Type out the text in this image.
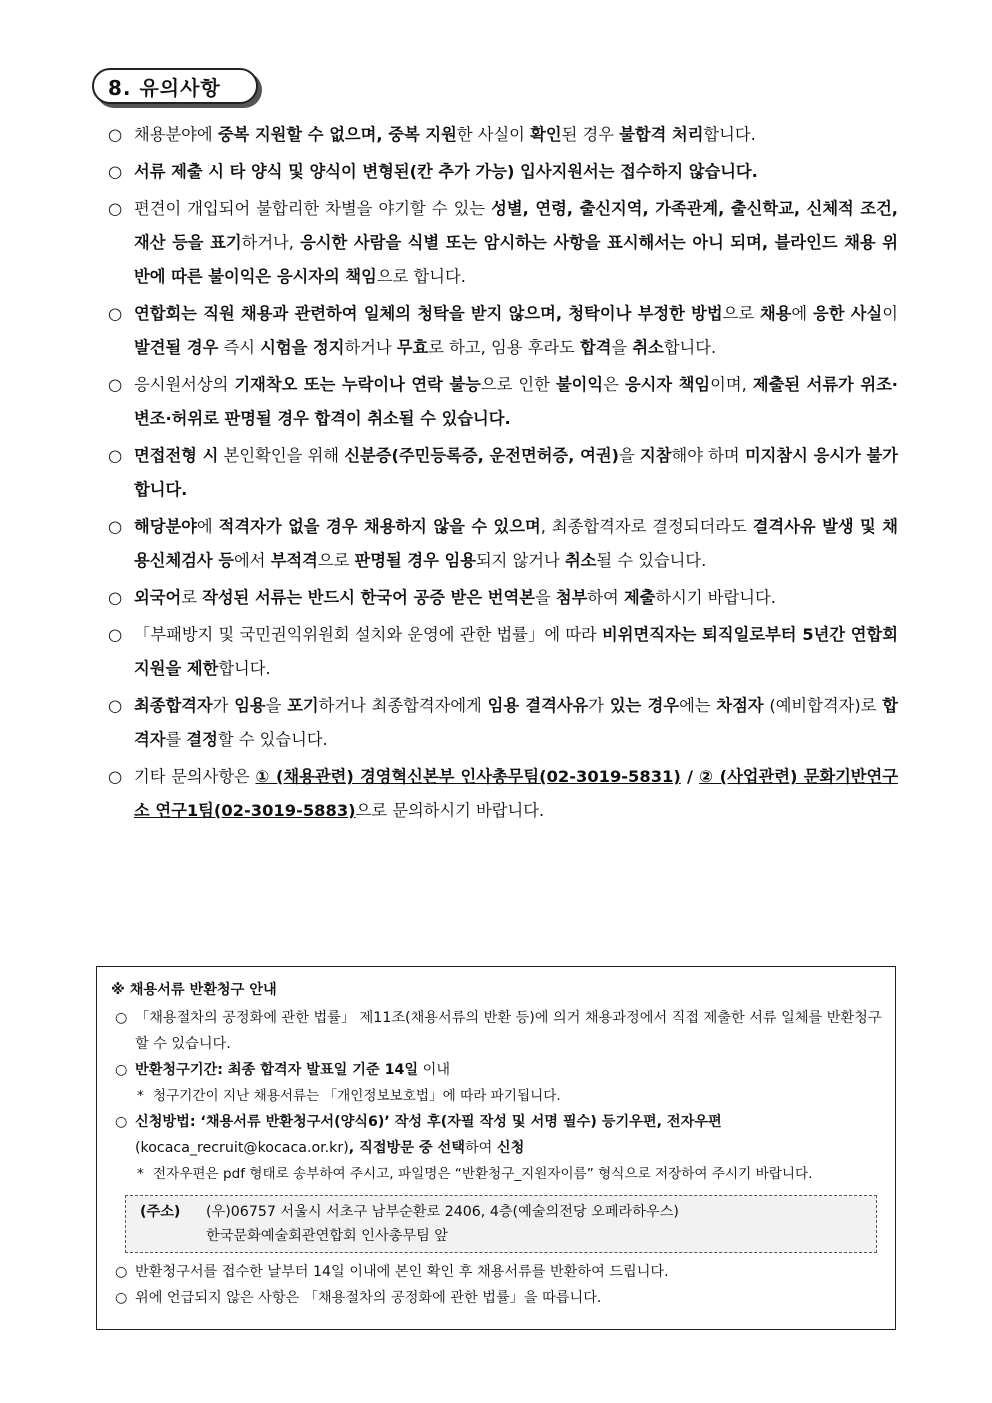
8. 유의사항

○ 채용분야에 중복 지원할 수 없으며, 중복 지원한 사실이 확인된 경우 불합격 처리합니다.

○ 서류 제출 시 타 양식 및 양식이 변형된(칸 추가 가능) 입사지원서는 접수하지 않습니다.

○ 편견이 개입되어 불합리한 차별을 야기할 수 있는 성별, 연령, 출신지역, 가족관계, 출신학교, 신체적 조건, 재산 등을 표기하거나, 응시한 사람을 식별 또는 암시하는 사항을 표시해서는 아니 되며, 블라인드 채용 위반에 따른 불이익은 응시자의 책임으로 합니다.

○ 연합회는 직원 채용과 관련하여 일체의 청탁을 받지 않으며, 청탁이나 부정한 방법으로 채용에 응한 사실이 발견될 경우 즉시 시험을 정지하거나 무효로 하고, 임용 후라도 합격을 취소합니다.

○ 응시원서상의 기재착오 또는 누락이나 연락 불능으로 인한 불이익은 응시자 책임이며, 제출된 서류가 위조·변조·허위로 판명될 경우 합격이 취소될 수 있습니다.

○ 면접전형 시 본인확인을 위해 신분증(주민등록증, 운전면허증, 여권)을 지참해야 하며 미지참시 응시가 불가합니다.

○ 해당분야에 적격자가 없을 경우 채용하지 않을 수 있으며, 최종합격자로 결정되더라도 결격사유 발생 및 채용신체검사 등에서 부적격으로 판명될 경우 임용되지 않거나 취소될 수 있습니다.

○ 외국어로 작성된 서류는 반드시 한국어 공증 받은 번역본을 첨부하여 제출하시기 바랍니다.

○ 「부패방지 및 국민권익위원회 설치와 운영에 관한 법률」에 따라 비위면직자는 퇴직일로부터 5년간 연합회 지원을 제한합니다.

○ 최종합격자가 임용을 포기하거나 최종합격자에게 임용 결격사유가 있는 경우에는 차점자 (예비합격자)로 합격자를 결정할 수 있습니다.

○ 기타 문의사항은 ① (채용관련) 경영혁신본부 인사총무팀(02-3019-5831) / ② (사업관련) 문화기반연구소 연구1팀(02-3019-5883)으로 문의하시기 바랍니다.

※ 채용서류 반환청구 안내
○ 「채용절차의 공정화에 관한 법률」 제11조(채용서류의 반환 등)에 의거 채용과정에서 직접 제출한 서류 일체를 반환청구 할 수 있습니다.
○ 반환청구기간: 최종 합격자 발표일 기준 14일 이내
* 청구기간이 지난 채용서류는 「개인정보보호법」에 따라 파기됩니다.
○ 신청방법: ‘채용서류 반환청구서(양식6)’ 작성 후(자필 작성 및 서명 필수) 등기우편, 전자우편 (kocaca_recruit@kocaca.or.kr), 직접방문 중 선택하여 신청
* 전자우편은 pdf 형태로 송부하여 주시고, 파일명은 “반환청구_지원자이름” 형식으로 저장하여 주시기 바랍니다.
(주소) (우)06757 서울시 서초구 남부순환로 2406, 4층(예술의전당 오페라하우스)
한국문화예술회관연합회 인사총무팀 앞
○ 반환청구서를 접수한 날부터 14일 이내에 본인 확인 후 채용서류를 반환하여 드립니다.
○ 위에 언급되지 않은 사항은 「채용절차의 공정화에 관한 법률」을 따릅니다.
